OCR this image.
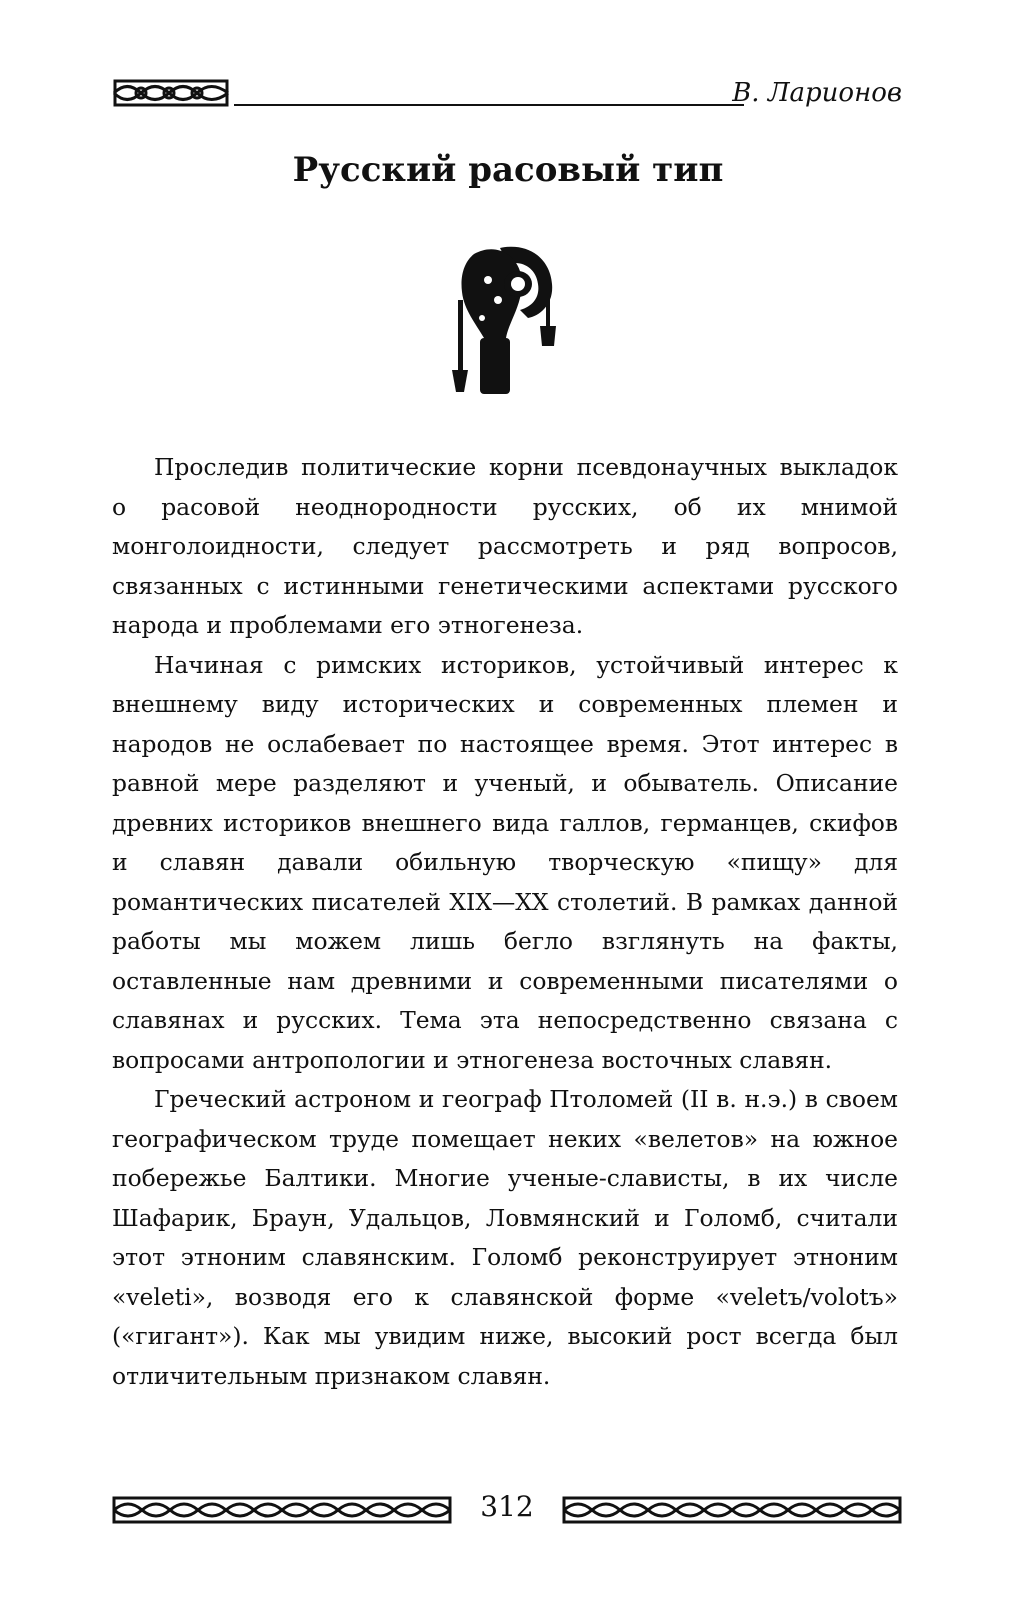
В. Ларионов
Русский расовый тип

Проследив политические корни псевдонаучных выкладок о расовой неоднородности русских, об их мнимой монголоидности, следует рассмотреть и ряд вопросов, связанных с истинными генетическими аспектами русского народа и проблемами его этногенеза.

Начиная с римских историков, устойчивый интерес к внешнему виду исторических и современных племен и народов не ослабевает по настоящее время. Этот интерес в равной мере разделяют и ученый, и обыватель. Описание древних историков внешнего вида галлов, германцев, скифов и славян давали обильную творческую «пищу» для романтических писателей XIX—XX столетий. В рамках данной работы мы можем лишь бегло взглянуть на факты, оставленные нам древними и современными писателями о славянах и русских. Тема эта непосредственно связана с вопросами антропологии и этногенеза восточных славян.

Греческий астроном и географ Птоломей (II в. н.э.) в своем географическом труде помещает неких «велетов» на южное побережье Балтики. Многие ученые-слависты, в их числе Шафарик, Браун, Удальцов, Ловмянский и Голомб, считали этот этноним славянским. Голомб реконструирует этноним «veleti», возводя его к славянской форме «veletъ/volotъ» («гигант»). Как мы увидим ниже, высокий рост всегда был отличительным признаком славян.

312
